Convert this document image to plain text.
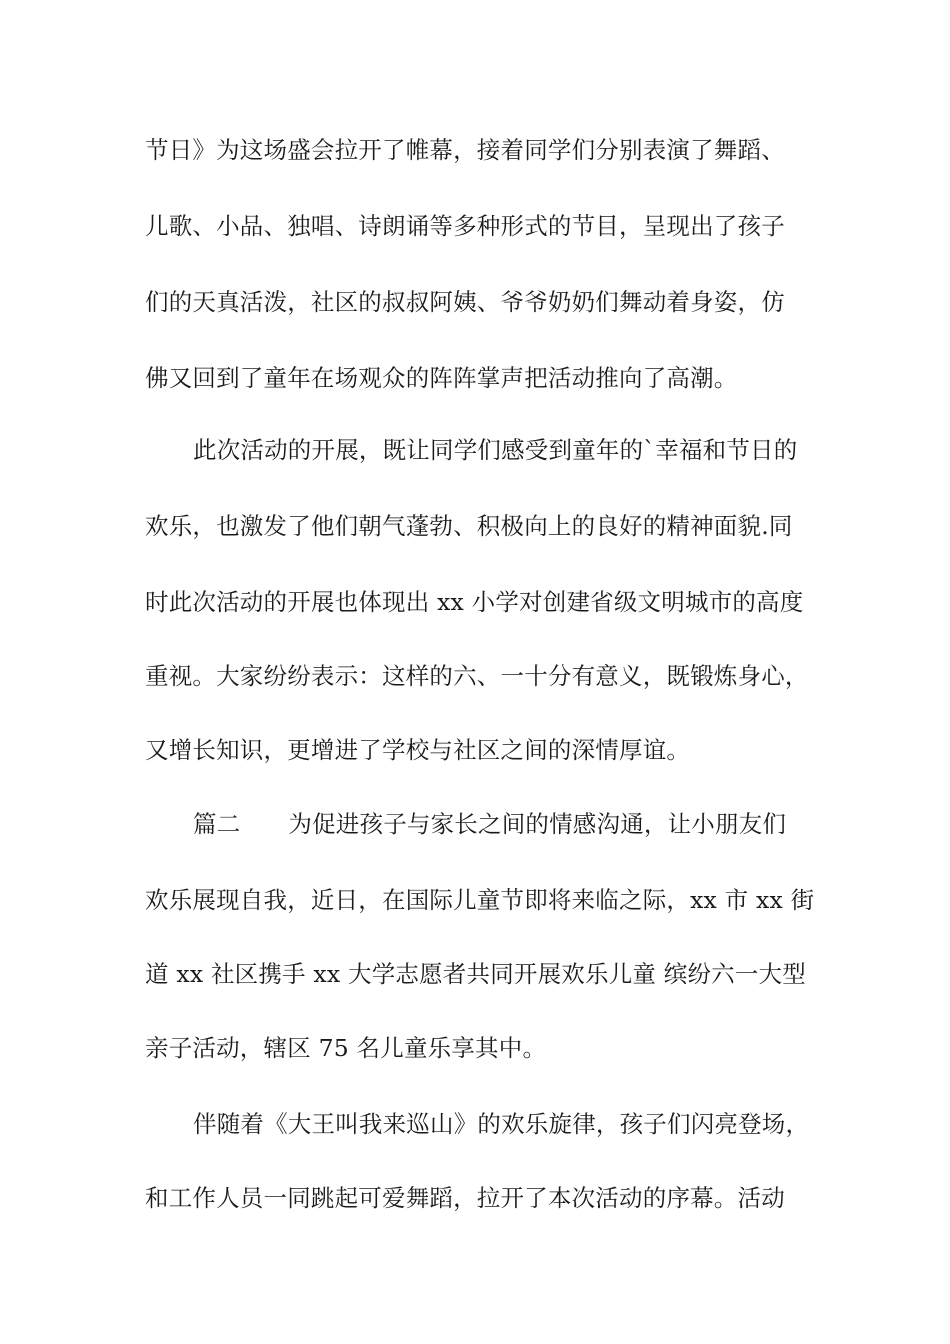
节日》为这场盛会拉开了帷幕，接着同学们分别表演了舞蹈、
儿歌、小品、独唱、诗朗诵等多种形式的节目，呈现出了孩子
们的天真活泼，社区的叔叔阿姨、爷爷奶奶们舞动着身姿，仿
佛又回到了童年在场观众的阵阵掌声把活动推向了高潮。
此次活动的开展，既让同学们感受到童年的`幸福和节日的
欢乐，也激发了他们朝气蓬勃、积极向上的良好的精神面貌.同
时此次活动的开展也体现出 xx 小学对创建省级文明城市的高度
重视。大家纷纷表示：这样的六、一十分有意义，既锻炼身心，
又增长知识，更增进了学校与社区之间的深情厚谊。
篇二 为促进孩子与家长之间的情感沟通，让小朋友们
欢乐展现自我，近日，在国际儿童节即将来临之际，xx 市 xx 街
道 xx 社区携手 xx 大学志愿者共同开展欢乐儿童 缤纷六一大型
亲子活动，辖区 75 名儿童乐享其中。
伴随着《大王叫我来巡山》的欢乐旋律，孩子们闪亮登场，
和工作人员一同跳起可爱舞蹈，拉开了本次活动的序幕。活动
